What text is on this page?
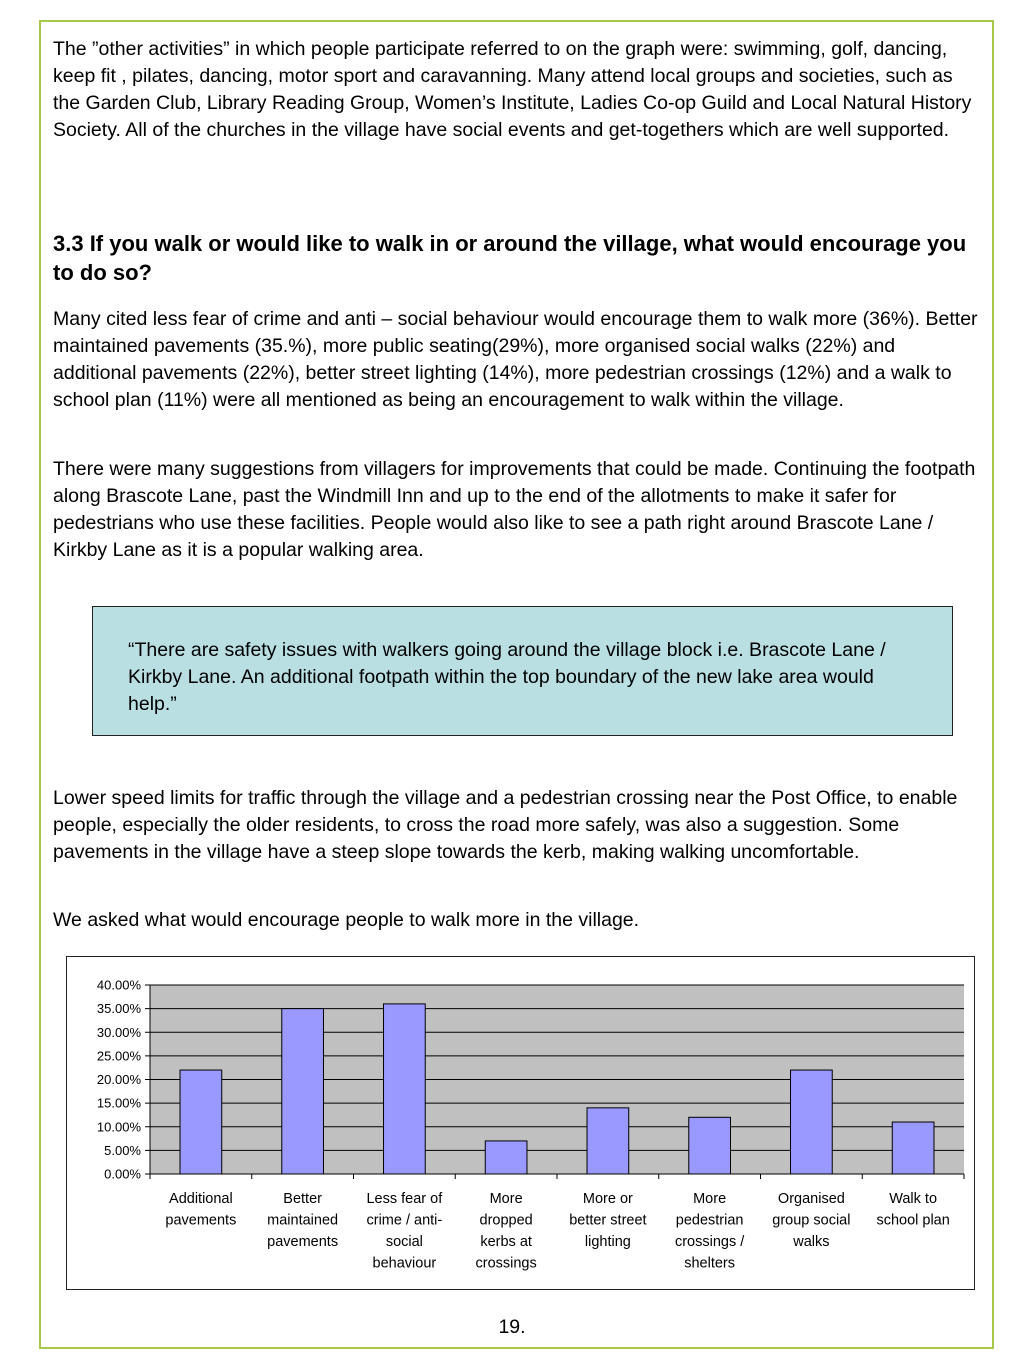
The ”other activities” in which people participate referred to on the graph were: swimming, golf, dancing, keep fit , pilates, dancing, motor sport and caravanning. Many attend local groups and societies, such as the Garden Club, Library Reading Group, Women’s Institute, Ladies Co-op Guild and Local Natural History Society. All of the churches in the village have social events and get-togethers which are well supported.

3.3 If you walk or would like to walk in or around the village, what would encourage you to do so?

Many cited less fear of crime and anti – social behaviour would encourage them to walk more (36%). Better maintained pavements (35.%), more public seating(29%), more organised social walks (22%) and additional pavements (22%), better street lighting (14%), more pedestrian crossings (12%) and a walk to school plan (11%) were all mentioned as being an encouragement to walk within the village.

There were many suggestions from villagers for improvements that could be made. Continuing the footpath along Brascote Lane, past the Windmill Inn and up to the end of the allotments to make it safer for pedestrians who use these facilities. People would also like to see a path right around Brascote Lane / Kirkby Lane as it is a popular walking area.

“There are safety issues with walkers going around the village block i.e. Brascote Lane / Kirkby Lane. An additional footpath within the top boundary of the new lake area would help.”

Lower speed limits for traffic through the village and a pedestrian crossing near the Post Office, to enable people, especially the older residents, to cross the road more safely, was also a suggestion. Some pavements in the village have a steep slope towards the kerb, making walking uncomfortable.

We asked what would encourage people to walk more in the village.

0.00%
5.00%
10.00%
15.00%
20.00%
25.00%
30.00%
35.00%
40.00%
Additional pavements
Better maintained pavements
Less fear of crime / anti-social behaviour
More dropped kerbs at crossings
More or better street lighting
More pedestrian crossings / shelters
Organised group social walks
Walk to school plan
19.
